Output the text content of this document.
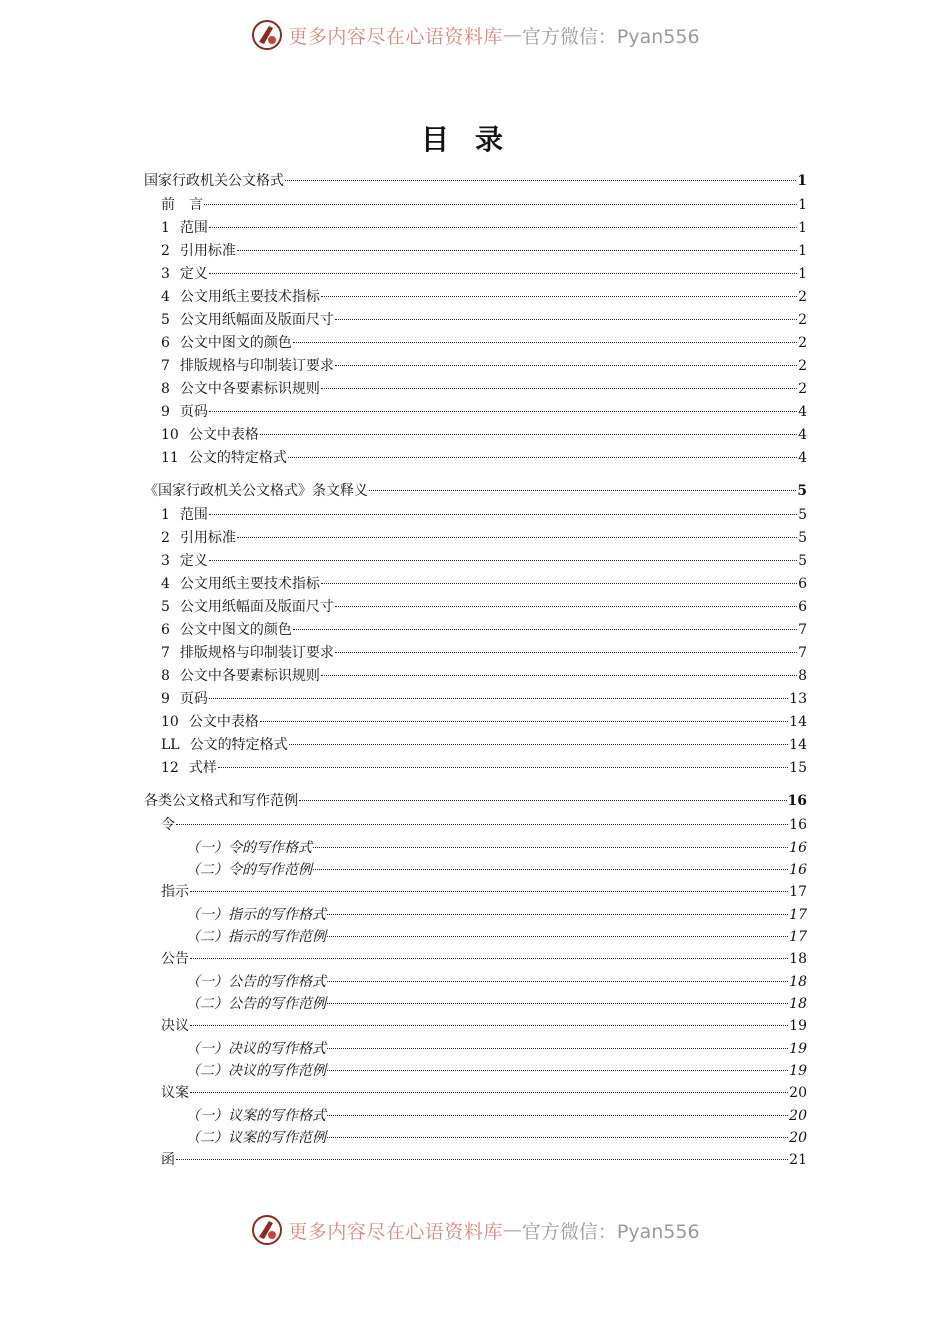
更多内容尽在心语资料库 — 官方微信：Pyan556
目录
国家行政机关公文格式	1
前　言	1
1 范围	1
2 引用标准	1
3 定义	1
4 公文用纸主要技术指标	2
5 公文用纸幅面及版面尺寸	2
6 公文中图文的颜色	2
7 排版规格与印制装订要求	2
8 公文中各要素标识规则	2
9 页码	4
10 公文中表格	4
11 公文的特定格式	4
《国家行政机关公文格式》条文释义	5
1 范围	5
2 引用标准	5
3 定义	5
4 公文用纸主要技术指标	6
5 公文用纸幅面及版面尺寸	6
6 公文中图文的颜色	7
7 排版规格与印制装订要求	7
8 公文中各要素标识规则	8
9 页码	13
10 公文中表格	14
LL 公文的特定格式	14
12 式样	15
各类公文格式和写作范例	16
令	16
（一）令的写作格式	16
（二）令的写作范例	16
指示	17
（一）指示的写作格式	17
（二）指示的写作范例	17
公告	18
（一）公告的写作格式	18
（二）公告的写作范例	18
决议	19
（一）决议的写作格式	19
（二）决议的写作范例	19
议案	20
（一）议案的写作格式	20
（二）议案的写作范例	20
函	21
更多内容尽在心语资料库 — 官方微信：Pyan556
